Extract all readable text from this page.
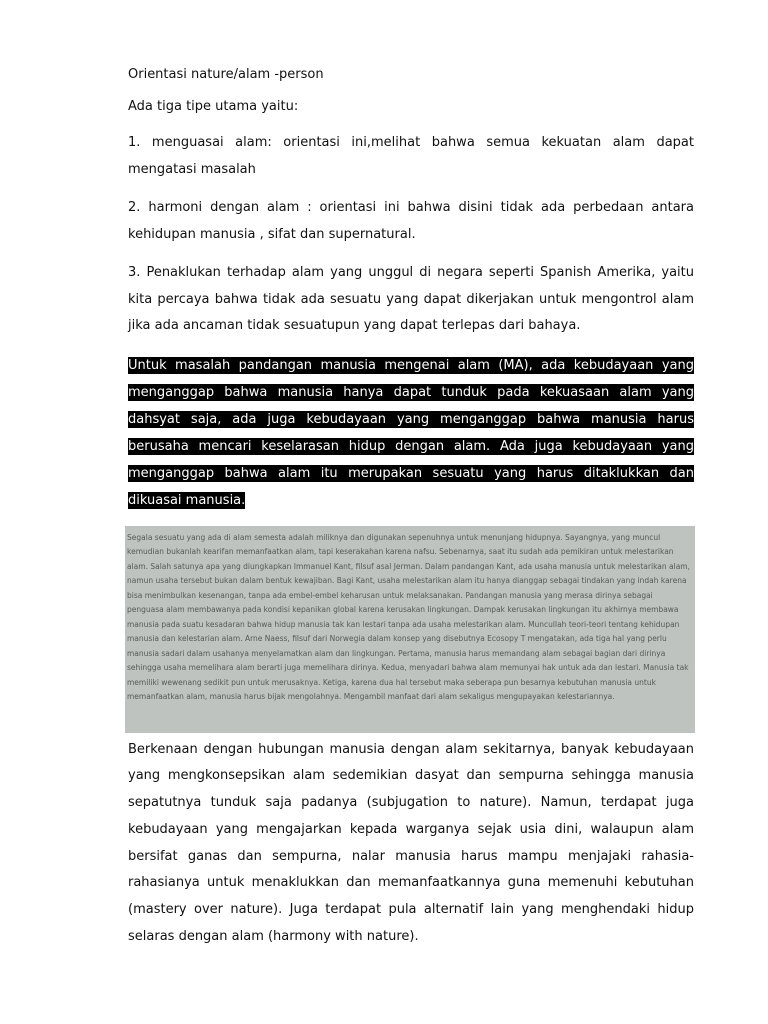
Orientasi nature/alam -person

Ada tiga tipe utama yaitu:

1. menguasai alam: orientasi ini,melihat bahwa semua kekuatan alam dapat mengatasi masalah

2. harmoni dengan alam : orientasi ini bahwa disini tidak ada perbedaan antara kehidupan manusia , sifat dan supernatural.

3. Penaklukan terhadap alam yang unggul di negara seperti Spanish Amerika, yaitu kita percaya bahwa tidak ada sesuatu yang dapat dikerjakan untuk mengontrol alam jika ada ancaman tidak sesuatupun yang dapat terlepas dari bahaya.

Untuk masalah pandangan manusia mengenai alam (MA), ada kebudayaan yang menganggap bahwa manusia hanya dapat tunduk pada kekuasaan alam yang dahsyat saja, ada juga kebudayaan yang menganggap bahwa manusia harus berusaha mencari keselarasan hidup dengan alam. Ada juga kebudayaan yang menganggap bahwa alam itu merupakan sesuatu yang harus ditaklukkan dan dikuasai manusia.

Segala sesuatu yang ada di alam semesta adalah miliknya dan digunakan sepenuhnya untuk menunjang hidupnya. Sayangnya, yang muncul kemudian bukanlah kearifan memanfaatkan alam, tapi keserakahan karena nafsu. Sebenarnya, saat itu sudah ada pemikiran untuk melestarikan alam. Salah satunya apa yang diungkapkan Immanuel Kant, filsuf asal Jerman. Dalam pandangan Kant, ada usaha manusia untuk melestarikan alam, namun usaha tersebut bukan dalam bentuk kewajiban. Bagi Kant, usaha melestarikan alam itu hanya dianggap sebagai tindakan yang indah karena bisa menimbulkan kesenangan, tanpa ada embel-embel keharusan untuk melaksanakan. Pandangan manusia yang merasa dirinya sebagai penguasa alam membawanya pada kondisi kepanikan global karena kerusakan lingkungan. Dampak kerusakan lingkungan itu akhirnya membawa manusia pada suatu kesadaran bahwa hidup manusia tak kan lestari tanpa ada usaha melestarikan alam. Muncullah teori-teori tentang kehidupan manusia dan kelestarian alam. Arne Naess, filsuf dari Norwegia dalam konsep yang disebutnya Ecosopy T mengatakan, ada tiga hal yang perlu manusia sadari dalam usahanya menyelamatkan alam dan lingkungan. Pertama, manusia harus memandang alam sebagai bagian dari dirinya sehingga usaha memelihara alam berarti juga memelihara dirinya. Kedua, menyadari bahwa alam memunyai hak untuk ada dan lestari. Manusia tak memiliki wewenang sedikit pun untuk merusaknya. Ketiga, karena dua hal tersebut maka seberapa pun besarnya kebutuhan manusia untuk memanfaatkan alam, manusia harus bijak mengolahnya. Mengambil manfaat dari alam sekaligus mengupayakan kelestariannya.

Berkenaan dengan hubungan manusia dengan alam sekitarnya, banyak kebudayaan yang mengkonsepsikan alam sedemikian dasyat dan sempurna sehingga manusia sepatutnya tunduk saja padanya (subjugation to nature). Namun, terdapat juga kebudayaan yang mengajarkan kepada warganya sejak usia dini, walaupun alam bersifat ganas dan sempurna, nalar manusia harus mampu menjajaki rahasia-rahasianya untuk menaklukkan dan memanfaatkannya guna memenuhi kebutuhan (mastery over nature). Juga terdapat pula alternatif lain yang menghendaki hidup selaras dengan alam (harmony with nature).
